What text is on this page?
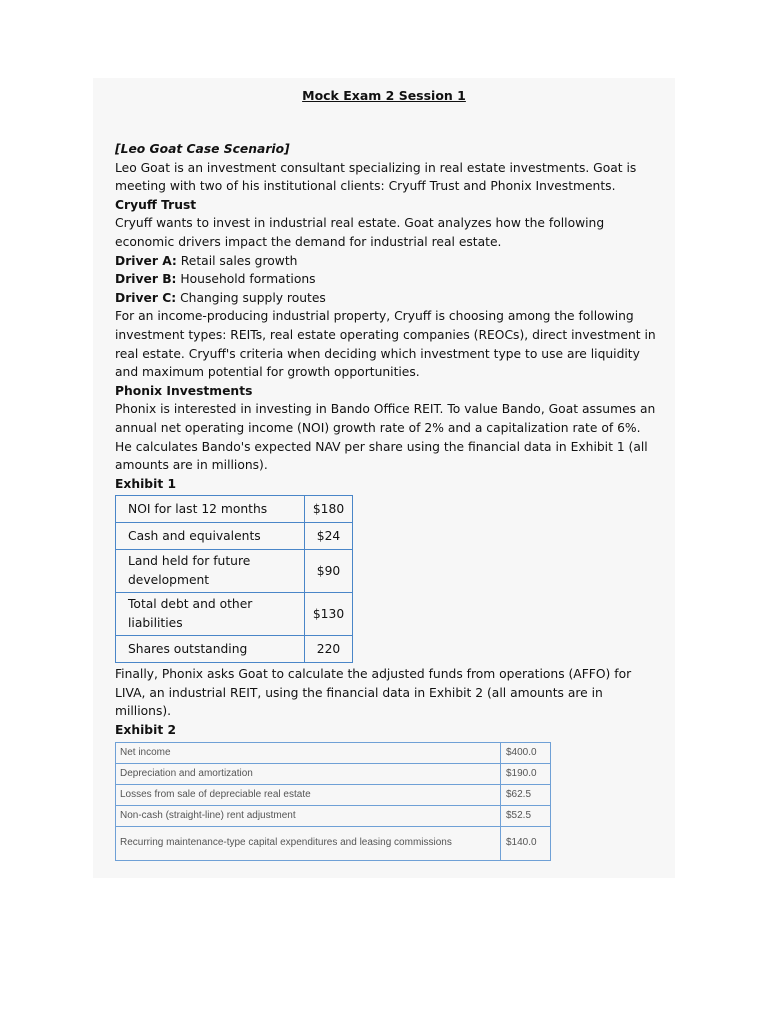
Mock Exam 2 Session 1

[Leo Goat Case Scenario]

Leo Goat is an investment consultant specializing in real estate investments. Goat is meeting with two of his institutional clients: Cryuff Trust and Phonix Investments.

Cryuff Trust

Cryuff wants to invest in industrial real estate. Goat analyzes how the following economic drivers impact the demand for industrial real estate.

Driver A: Retail sales growth

Driver B: Household formations

Driver C: Changing supply routes

For an income-producing industrial property, Cryuff is choosing among the following investment types: REITs, real estate operating companies (REOCs), direct investment in real estate. Cryuff's criteria when deciding which investment type to use are liquidity and maximum potential for growth opportunities.

Phonix Investments

Phonix is interested in investing in Bando Office REIT. To value Bando, Goat assumes an annual net operating income (NOI) growth rate of 2% and a capitalization rate of 6%. He calculates Bando's expected NAV per share using the financial data in Exhibit 1 (all amounts are in millions).

Exhibit 1

NOI for last 12 months	$180
Cash and equivalents	$24
Land held for future development	$90
Total debt and other liabilities	$130
Shares outstanding	220

Finally, Phonix asks Goat to calculate the adjusted funds from operations (AFFO) for LIVA, an industrial REIT, using the financial data in Exhibit 2 (all amounts are in millions).

Exhibit 2

Net income	$400.0
Depreciation and amortization	$190.0
Losses from sale of depreciable real estate	$62.5
Non-cash (straight-line) rent adjustment	$52.5
Recurring maintenance-type capital expenditures and leasing commissions	$140.0
